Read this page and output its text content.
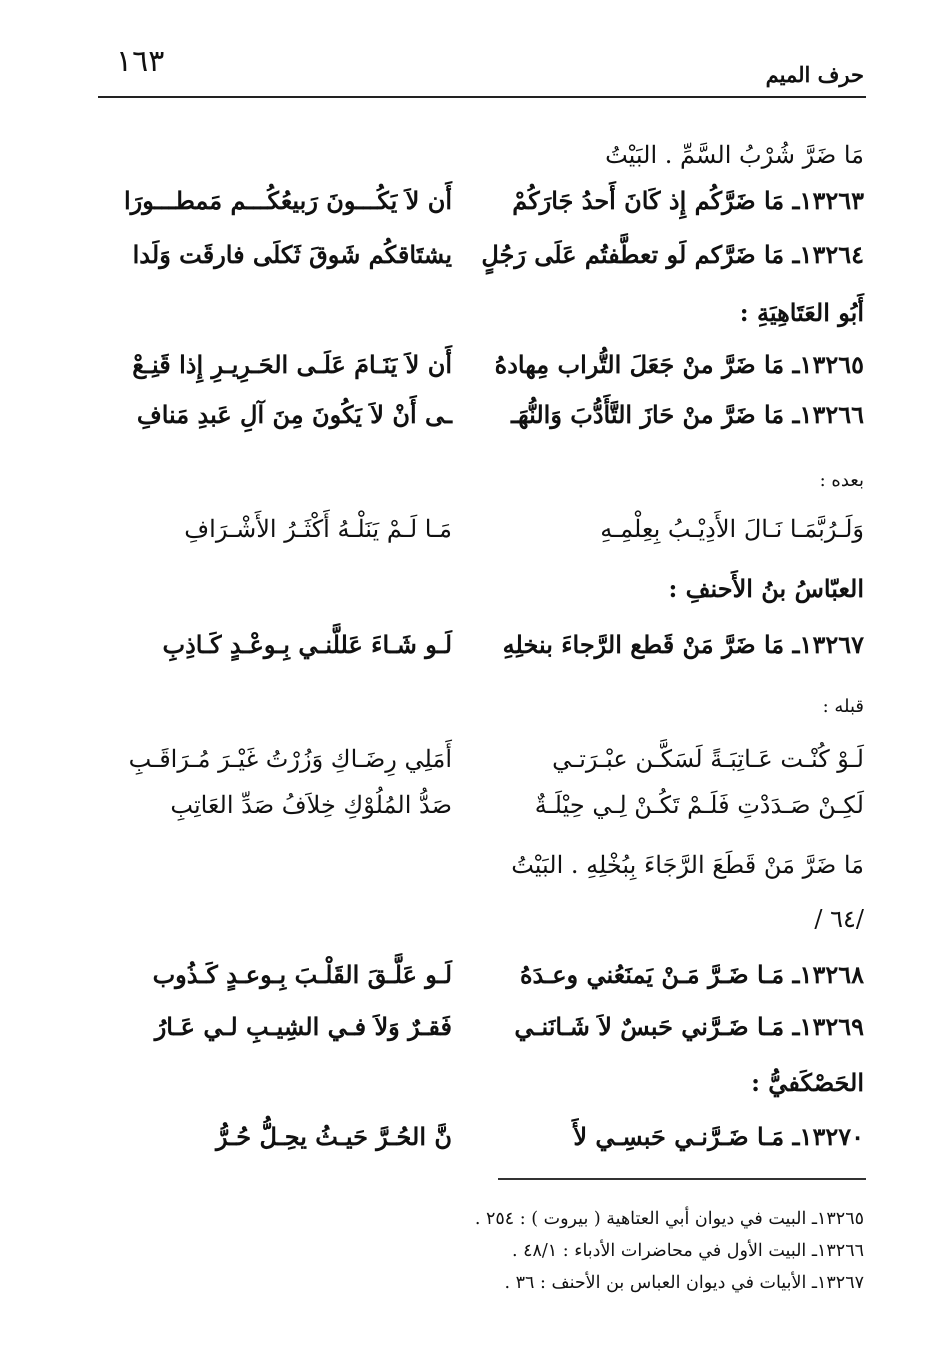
١٦٣	حرف الميم
مَا ضَرَّ شُرْبُ السَّمِّ . البَيْتُ
١٣٢٦٣ـ مَا ضَرَّكُم إِذ كَانَ أَحدُ جَارَكُمْ
أَن لاَ يَكُـــونَ رَبيعُكُـــم مَمطـــورَا
١٣٢٦٤ـ مَا ضَرَّكم لَو تعطَّفتُم عَلَى رَجُلٍ
يشتَاقكُم شَوقَ ثَكلَى فارقَت وَلَدا
أَبُو العَتَاهِيَةِ :
١٣٢٦٥ـ مَا ضَرَّ منْ جَعَلَ التُّراب مِهادهُ
أَن لاَ يَنَـامَ عَلَـى الحَـرِيـرِ إِذا قَنِـعْ
١٣٢٦٦ـ مَا ضَرَّ منْ حَازَ التَّأَدُّبَ وَالنُّهَـ
ـى أَنْ لاَ يَكُونَ مِنَ آلِ عَبدِ مَنافِ
بعده :
وَلَـرُبَّمَـا نَـالَ الأَدِيْـبُ بِعِلْمِـهِ
مَـا لَـمْ يَنَلْـهُ أَكْثَـرُ الأَشْـرَافِ
العبّاسُ بنُ الأَحنفِ :
١٣٢٦٧ـ مَا ضَرَّ مَنْ قَطع الرَّجاءَ بنخلِهِ
لَـو شَـاءَ عَللَّنـي بِـوعْـدٍ كَـاذِبِ
قبله :
لَـوْ كُنْـت عَـاتِبَـةً لَسَكَّـن عبْـرَتـي
أَمَلِي رِضَـاكِ وَزُرْتُ غَيْـرَ مُـرَاقَـبِ
لَكِـنْ صَـدَدْتِ فَلَـمْ تَكُـنْ لِـي حِيْلَـةٌ
صَدُّ المُلُوْكِ خِلاَفُ صَدِّ العَاتِبِ
مَا ضَرَّ مَنْ قَطَعَ الرَّجَاءَ بِبُخْلِهِ . البَيْتُ
/ ٦٤/
١٣٢٦٨ـ مَـا ضَـرَّ مَـنْ يَمنَعُني وعـدَهُ
لَـو عَلَّـقَ القَلْـبَ بِـوعـدٍ كَـذُوب
١٣٢٦٩ـ مَـا ضَـرَّني حَبسٌ لاَ شَـانَنـي
فَقـرٌ وَلاَ فـي الشِيـبِ لـي عَـارُ
الحَصْكَفيُّ :
١٣٢٧٠ـ مَـا ضَـرَّنـي حَبسِـي لأَ
نَّ الحُـرَّ حَيـثُ يحِـلُّ حُـرُّ
١٣٢٦٥ـ البيت في ديوان أبي العتاهية ( بيروت ) : ٢٥٤ .
١٣٢٦٦ـ البيت الأول في محاضرات الأدباء : ٤٨/١ .
١٣٢٦٧ـ الأبيات في ديوان العباس بن الأحنف : ٣٦ .
